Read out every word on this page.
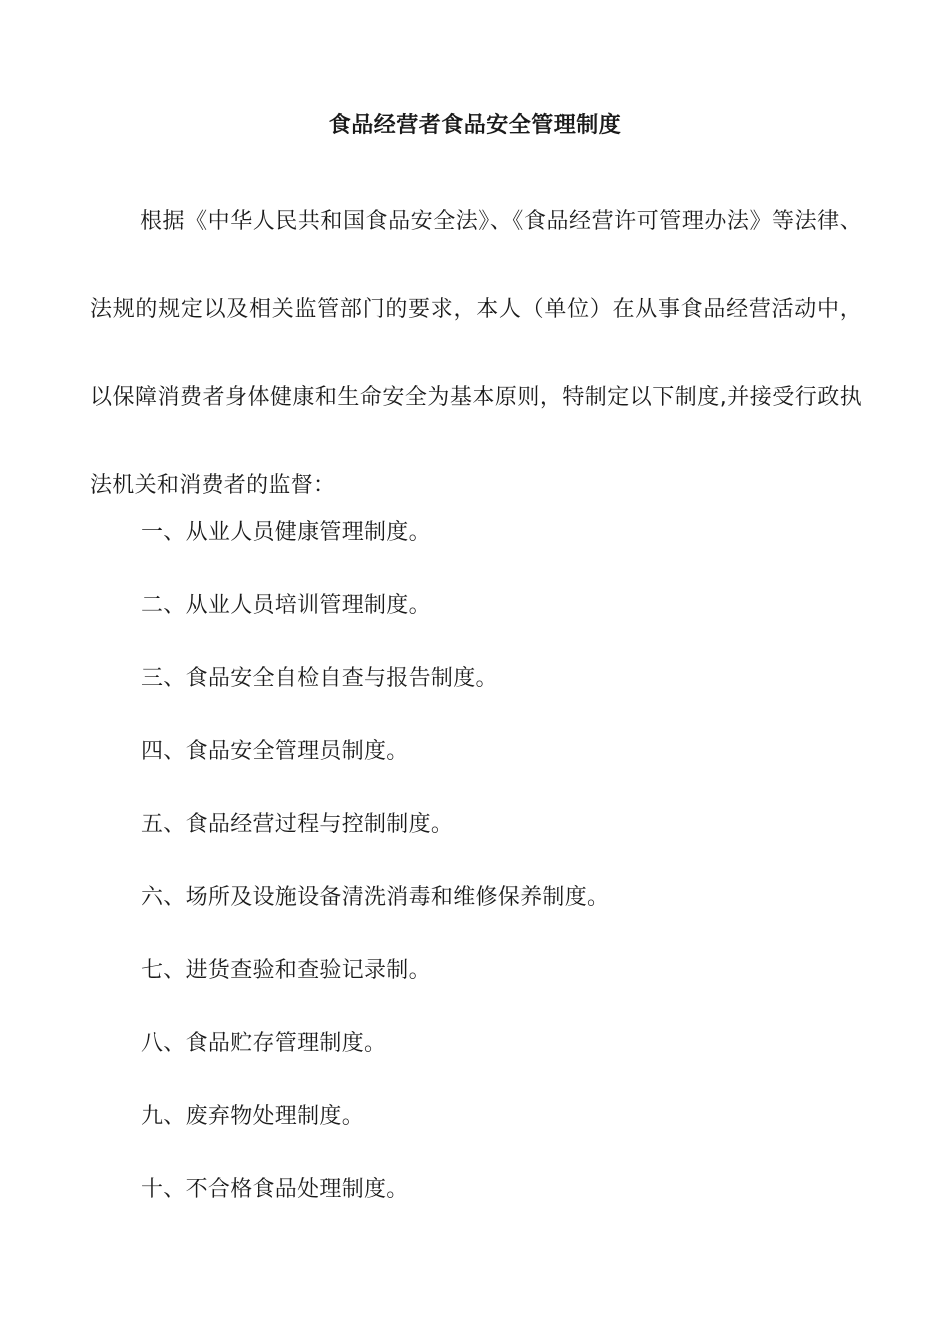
食品经营者食品安全管理制度

根据《中华人民共和国食品安全法》、《食品经营许可管理办法》等法律、法规的规定以及相关监管部门的要求，本人（单位）在从事食品经营活动中，以保障消费者身体健康和生命安全为基本原则，特制定以下制度,并接受行政执法机关和消费者的监督：

一、从业人员健康管理制度。
二、从业人员培训管理制度。
三、食品安全自检自查与报告制度。
四、食品安全管理员制度。
五、食品经营过程与控制制度。
六、场所及设施设备清洗消毒和维修保养制度。
七、进货查验和查验记录制。
八、食品贮存管理制度。
九、废弃物处理制度。
十、不合格食品处理制度。
